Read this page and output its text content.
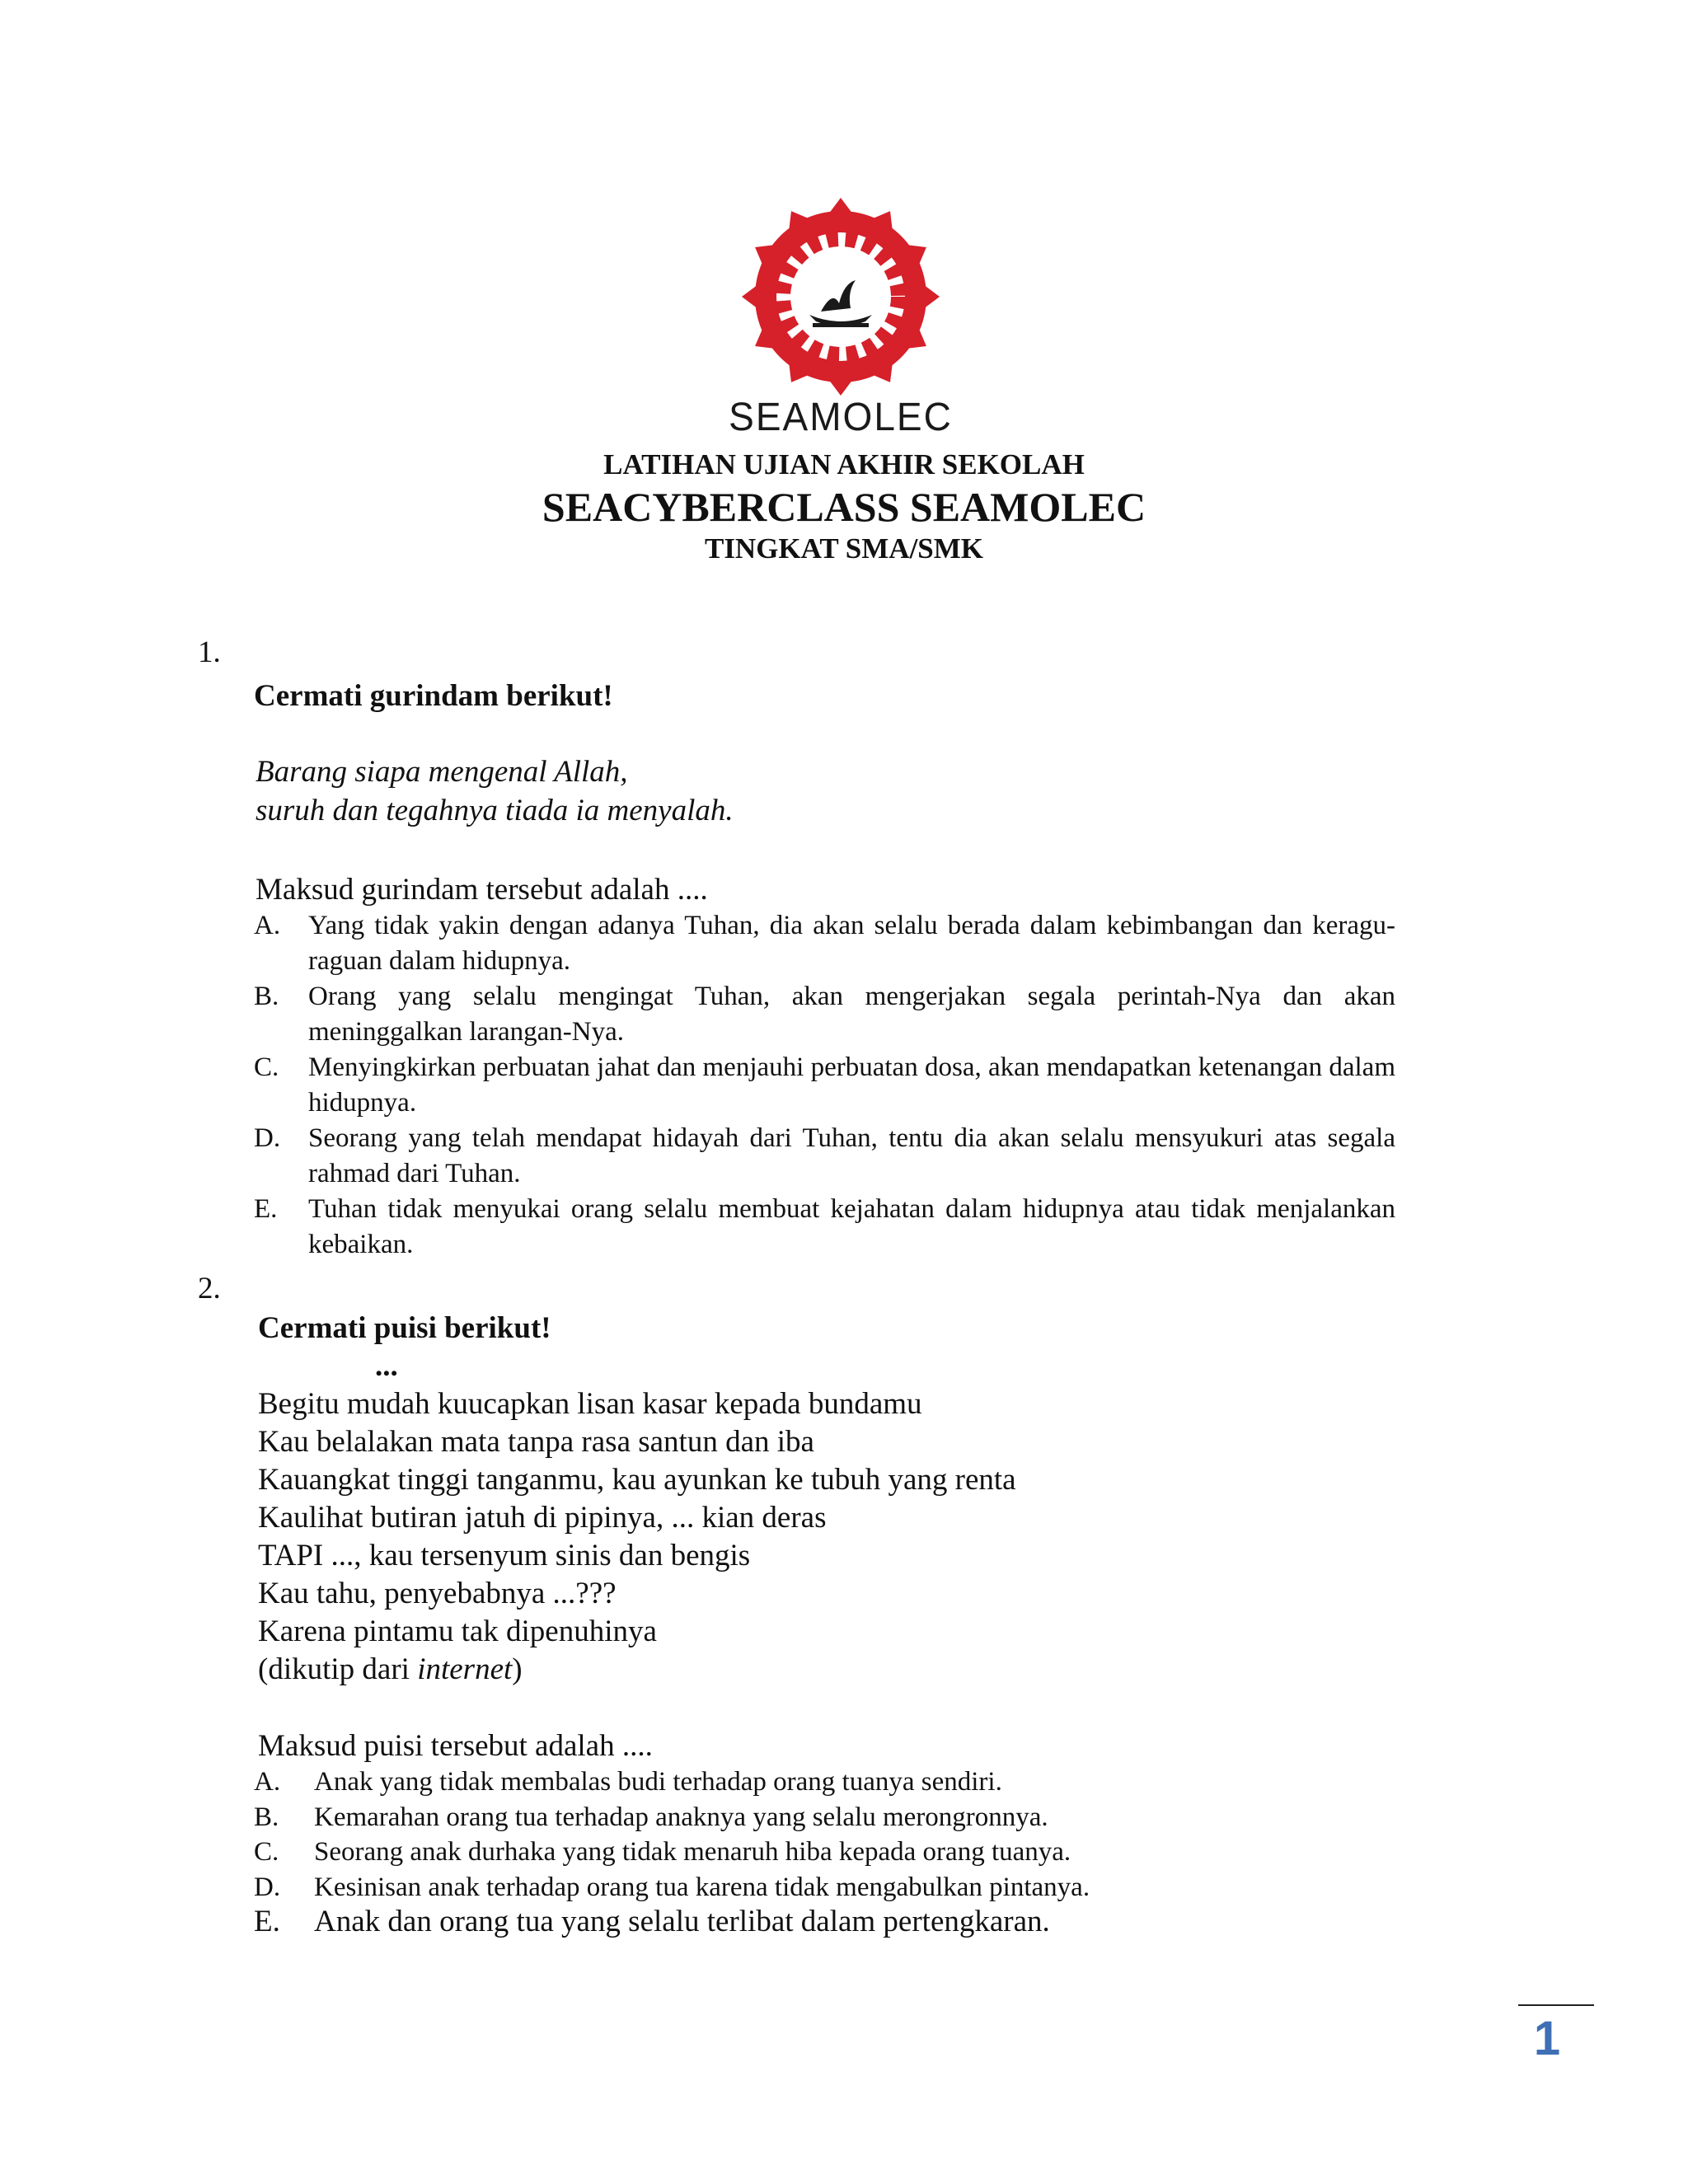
SEAMOLEC
LATIHAN UJIAN AKHIR SEKOLAH
SEACYBERCLASS SEAMOLEC
TINGKAT SMA/SMK
1.
Cermati gurindam berikut!
Barang siapa mengenal Allah,
suruh dan tegahnya tiada ia menyalah.
Maksud gurindam tersebut adalah ....
A.	Yang tidak yakin dengan adanya Tuhan, dia akan selalu berada dalam kebimbangan dan keragu-raguan dalam hidupnya.
B.	Orang yang selalu mengingat Tuhan, akan mengerjakan segala perintah-Nya dan akan meninggalkan larangan-Nya.
C.	Menyingkirkan perbuatan jahat dan menjauhi perbuatan dosa, akan mendapatkan ketenangan dalam hidupnya.
D.	Seorang yang telah mendapat hidayah dari Tuhan, tentu dia akan selalu mensyukuri atas segala rahmad dari Tuhan.
E.	Tuhan tidak menyukai orang selalu membuat kejahatan dalam hidupnya atau tidak menjalankan kebaikan.
2.
Cermati puisi berikut!
...
Begitu mudah kuucapkan lisan kasar kepada bundamu
Kau belalakan mata tanpa rasa santun dan iba
Kauangkat tinggi tanganmu, kau ayunkan ke tubuh yang renta
Kaulihat butiran jatuh di pipinya, ... kian deras
TAPI ..., kau tersenyum sinis dan bengis
Kau tahu, penyebabnya ...???
Karena pintamu tak dipenuhinya
(dikutip dari internet)
Maksud puisi tersebut adalah ....
A.	Anak yang tidak membalas budi terhadap orang tuanya sendiri.
B.	Kemarahan orang tua terhadap anaknya yang selalu merongronnya.
C.	Seorang anak durhaka yang tidak menaruh hiba kepada orang tuanya.
D.	Kesinisan anak terhadap orang tua karena tidak mengabulkan pintanya.
E.	Anak dan orang tua yang selalu terlibat dalam pertengkaran.
1
